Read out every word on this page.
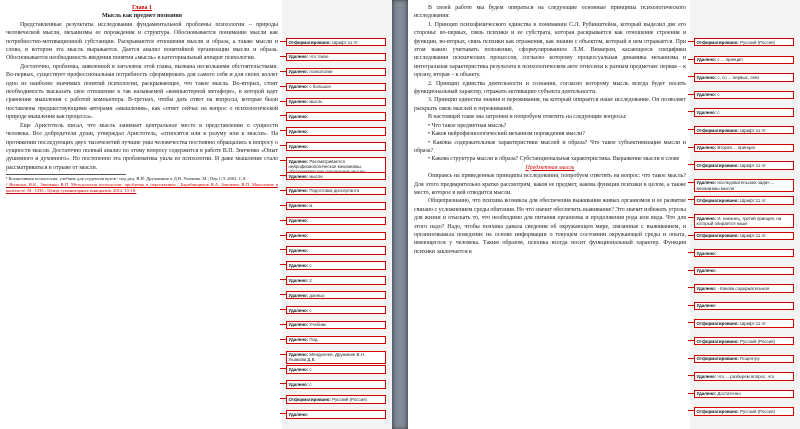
Глава 1

Мысль как предмет познания

Представленные результаты исследования фундаментальной проблемы психологии – природы человеческой мысли, механизмы ее порождения и структура. Обосновывается понимание мысли как потребностно-мотивационной субстанции. Раскрываются отношения мысли и образа, а также мысли и слова, в котором эта мысль выражается. Дается анализ понятийной организации мысли и образа. Обосновывается необходимость введения понятия «мысль» в категориальный аппарат психологии.

Достаточно, проблемы, заявленной в заголовок этой главы, вызвана несколькими обстоятельствами. Во-первых, существует профессиональная потребность сформировать для самого себя и для своих коллег одно из наиболее значимых понятий психологии, раскрывающее, что такое мысль. Во-вторых, стоит необходимость высказать свое отношение к так называемой «компьютерной метафоре», в которой идет сравнение мышления с работой компьютера. В-третьих, чтобы дать ответ на вопросы, которые были поставлены предшествующими авторами «мышления», как «ответ сейчас на вопрос о психологической природе мышления как процесса».

Еще Аристотель писал, что мысль занимает центральное место в представлении о сущности человека. Все добродетели души, утверждал Аристотель, «относятся или к разуму или к мысли». На протяжении последующих двух тысячелетий лучшие умы человечества постоянно обращались к вопросу о сущности мысли. Достаточно полный анализ по этому вопросу содержится в работе В.П. Зинченко «Опыт душевного и духовного». Но постепенно эта проблематика ушла из психологии. И даже мышление стало рассматриваться в отрыве от мысли.

¹ Когнитивная психология: учебник для студентов вузов / под ред. В.Н. Дружинина и Д.В. Ушакова. М.: Пер СЭ, 2002. С.8.

² Вилюнас В.К., Зинченко В.П. Методология психологии: проблемы и перспективы / Барабанщиков В.А. Зинченко В.П. Мышление в контексте. М.: СПб.: Центр гуманитарных инициатив, 2012. 15-18.

Отформатировано: Шрифт:11 пт
Удалено: что такое
Удалено: психологии
Удалено: с большое
Удалено: мысль
Удалено:
Удалено: .
Удалено: .
Удалено: Рассматривается нейрофизиологическое механизмы,
Удалено: мысли
Удалено: Подготовка диссертанта
Удалено: м
Удалено: .
Удалено: .
Удалено: .
Удалено: с
Удалено: 2
Удалено: данных
Удалено: с
Удалено: Учебник
Удалено: Под
Удалено: Менделеев, Дружинин В.Н. Ушакова Д.В.
Удалено: с
Удалено: с
Отформатировано: Русский (Россия)
Удалено:

В своей работе мы будем опираться на следующие основные принципы психологического исследования:

1. Принцип психофизического единства в понимании С.Л. Рубинштейна, который выделил две его стороны: во-первых, связь психики и ее субстрата, которая раскрывается как отношение строения и функции, во-вторых, связь психики как отражения, как знания с объектом, который в нем отражается. При этом важно учитывать положение, сформулированное Л.М. Веккером, касающееся специфики исследования психических процессов, согласно которому процессуальная динамика механизма и интегральная характеристика результата в психологическом акте отнесены к разным предметам: первая – к органу, вторая – к объекту.

2. Принцип единства деятельности и сознания, согласно которому мысль всегда будет носить функциональный характер, отражать мотивацию субъекта деятельности.

3. Принцип единства знания и переживания, на который опирается наше исследование. Он позволяет раскрыть связь мыслей и переживаний.

В настоящей главе мы затронем и попробуем ответить на следующие вопросы:

• Что такое предметная мысль?

• Каков нейрофизиологический механизм порождения мысли?

• Каковы содержательные характеристики мыслей и образа? Что такое субъективизация мысли и образа?

• Какова структура мысли и образа? Субстанциональная характеристика. Выражение мысли в слове

Предметная мысль

Опираясь на приведенные принципы исследования, попробуем ответить на вопрос: что такое мысль? Для этого предварительно кратко рассмотрим, каков ее предмет, какова функция психики в целом, а также место, которое в ней отводится мысли.

Общепризнанно, что психика возникла для обеспечения выживания живых организмов и ее развитие связано с усложнением среды обитания. Но что значит обеспечить выживание? Это значит избежать угрозы для жизни и отыскать то, что необходимо для питания организма и продолжения рода или вида. Что для этого надо? Надо, чтобы психика давала сведения об окружающем мире, связанные с выживанием, и организовывала поведение на основе информации о текущем состоянии окружающей среды и опыта, имеющегося у человека. Таким образом, психика всегда носит функциональный характер. Функция психики заключается в

Отформатировано: Русский (Россия)
Удалено: с ... принцип
Удалено: с, со ... первых, связ
Удалено: с
Удалено: с
Отформатировано: Шрифт:11 пт
Удалено: Вторая ... принцип
Отформатировано: Шрифт:11 пт
Удалено: исследовательских задач ... механизмы мысли
Отформатировано: Шрифт:11 пт
Удалено: И, наконец, третий принцип, на который опирается наше
Отформатировано: Шрифт:11 пт
Удалено: .
Удалено: .
Удалено: - Какова содержательная
Удалено: .
Отформатировано: Шрифт:11 пт
Отформатировано: Русский (Россия)
Отформатировано: Поцентру
Удалено: что ... разберем вопрос, что
Удалено: Достаточно
Отформатировано: Русский (Россия)
